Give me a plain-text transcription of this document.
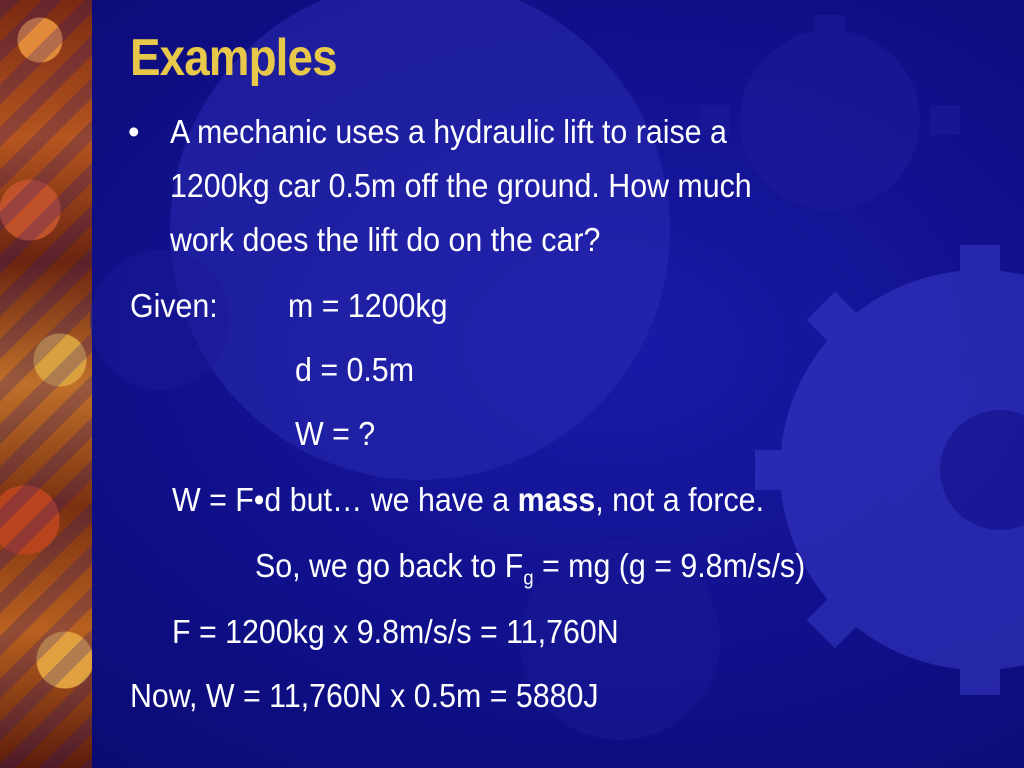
Examples
• A mechanic uses a hydraulic lift to raise a

1200kg car 0.5m off the ground. How much

work does the lift do on the car?

Given: m = 1200kg

d = 0.5m

W = ?

W = F•d but… we have a mass, not a force.

So, we go back to $F_g$ = mg (g = 9.8m/s/s)

F = 1200kg x 9.8m/s/s = 11,760N

Now, W = 11,760N x 0.5m = 5880J
